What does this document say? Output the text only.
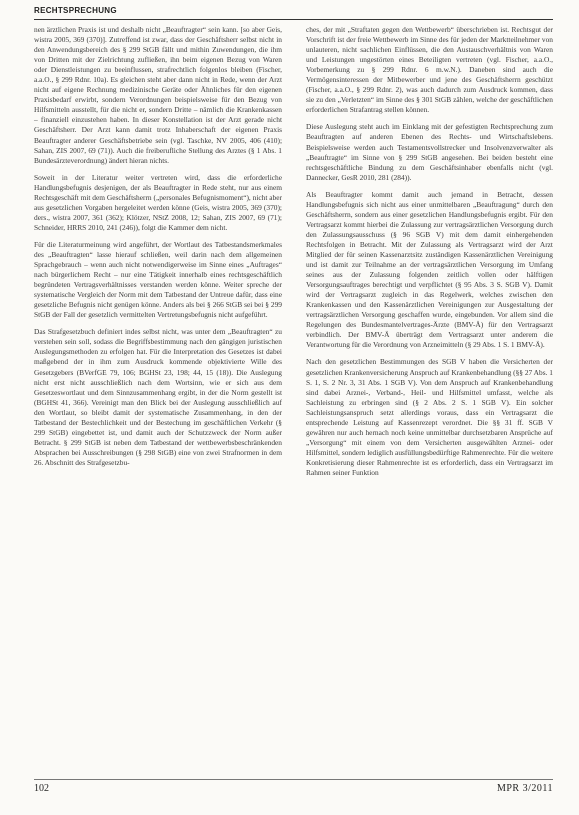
RECHTSPRECHUNG

nen ärztlichen Praxis ist und deshalb nicht „Beauftragter“ sein kann. [so aber Geis, wistra 2005, 369 (370)]. Zutreffend ist zwar, dass der Geschäftsherr selbst nicht in den Anwendungsbereich des § 299 StGB fällt und mithin Zuwendungen, die ihm von Dritten mit der Zielrichtung zufließen, ihn beim eigenen Bezug von Waren oder Dienstleistungen zu beeinflussen, strafrechtlich folgenlos bleiben (Fischer, a.a.O., § 299 Rdnr. 10a). Es gleichen steht aber dann nicht in Rede, wenn der Arzt nicht auf eigene Rechnung medizinische Geräte oder Ähnliches für den eigenen Praxisbedarf erwirbt, sondern Verordnungen beispielsweise für den Bezug von Hilfsmitteln ausstellt, für die nicht er, sondern Dritte – nämlich die Krankenkassen – finanziell einzustehen haben. In dieser Konstellation ist der Arzt gerade nicht Geschäftsherr. Der Arzt kann damit trotz Inhaberschaft der eigenen Praxis Beauftragter anderer Geschäftsbetriebe sein (vgl. Taschke, NV 2005, 406 (410); Sahan, ZIS 2007, 69 (71)). Auch die freiberufliche Stellung des Arztes (§ 1 Abs. 1 Bundesärzteverordnung) ändert hieran nichts.

Soweit in der Literatur weiter vertreten wird, dass die erforderliche Handlungsbefugnis desjenigen, der als Beauftragter in Rede steht, nur aus einem Rechtsgeschäft mit dem Geschäftsherrn („personales Befugnismoment“), nicht aber aus gesetzlichen Vorgaben hergeleitet werden könne (Geis, wistra 2005, 369 (370); ders., wistra 2007, 361 (362); Klötzer, NStZ 2008, 12; Sahan, ZIS 2007, 69 (71); Schneider, HRRS 2010, 241 (246)), folgt die Kammer dem nicht.

Für die Literaturmeinung wird angeführt, der Wortlaut des Tatbestandsmerkmales des „Beauftragten“ lasse hierauf schließen, weil darin nach dem allgemeinen Sprachgebrauch – wenn auch nicht notwendigerweise im Sinne eines „Auftrages“ nach bürgerlichem Recht – nur eine Tätigkeit innerhalb eines rechtsgeschäftlich begründeten Vertragsverhältnisses verstanden werden könne. Weiter spreche der systematische Vergleich der Norm mit dem Tatbestand der Untreue dafür, dass eine gesetzliche Befugnis nicht genügen könne. Anders als bei § 266 StGB sei bei § 299 StGB der Fall der gesetzlich vermittelten Vertretungsbefugnis nicht aufgeführt.

Das Strafgesetzbuch definiert indes selbst nicht, was unter dem „Beauftragten“ zu verstehen sein soll, sodass die Begriffsbestimmung nach den gängigen juristischen Auslegungsmethoden zu erfolgen hat. Für die Interpretation des Gesetzes ist dabei maßgebend der in ihm zum Ausdruck kommende objektivierte Wille des Gesetzgebers (BVerfGE 79, 106; BGHSt 23, 198; 44, 15 (18)). Die Auslegung nicht erst nicht ausschließlich nach dem Wortsinn, wie er sich aus dem Gesetzeswortlaut und dem Sinnzusammenhang ergibt, in der die Norm gestellt ist (BGHSt 41, 366). Vereinigt man den Blick bei der Auslegung ausschließlich auf den Wortlaut, so bleibt damit der systematische Zusammenhang, in den der Tatbestand der Bestechlichkeit und der Bestechung im geschäftlichen Verkehr (§ 299 StGB) eingebettet ist, und damit auch der Schutzzweck der Norm außer Betracht. § 299 StGB ist neben dem Tatbestand der wettbewerbsbeschränkenden Absprachen bei Ausschreibungen (§ 298 StGB) eine von zwei Strafnormen in dem 26. Abschnitt des Strafgesetzbu-

ches, der mit „Straftaten gegen den Wettbewerb“ überschrieben ist. Rechtsgut der Vorschrift ist der freie Wettbewerb im Sinne des für jeden der Marktteilnehmer von unlauteren, nicht sachlichen Einflüssen, die den Austauschverhältnis von Waren und Leistungen ungestörten eines Beteiligten vertreten (vgl. Fischer, a.a.O., Vorbemerkung zu § 299 Rdnr. 6 m.w.N.). Daneben sind auch die Vermögensinteressen der Mitbewerber und jene des Geschäftsherrn geschützt (Fischer, a.a.O., § 299 Rdnr. 2), was auch dadurch zum Ausdruck kommen, dass sie zu den „Verletzten“ im Sinne des § 301 StGB zählen, welche der geschäftlichen erforderlichen Strafantrag stellen können.

Diese Auslegung steht auch im Einklang mit der gefestigten Rechtsprechung zum Beauftragten auf anderen Ebenen des Rechts- und Wirtschaftslebens. Beispielsweise werden auch Testamentsvollstrecker und Insolvenzverwalter als „Beauftragte“ im Sinne von § 299 StGB angesehen. Bei beiden besteht eine rechtsgeschäftliche Bindung zu dem Geschäftsinhaber ebenfalls nicht (vgl. Dannecker, GesR 2010, 281 (284)).

Als Beauftragter kommt damit auch jemand in Betracht, dessen Handlungsbefugnis sich nicht aus einer unmittelbaren „Beauftragung“ durch den Geschäftsherrn, sondern aus einer gesetzlichen Handlungsbefugnis ergibt. Für den Vertragsarzt kommt hierbei die Zulassung zur vertragsärztlichen Versorgung durch den Zulassungsausschuss (§ 96 SGB V) mit dem damit einhergehenden Rechtsfolgen in Betracht. Mit der Zulassung als Vertragsarzt wird der Arzt Mitglied der für seinen Kassenarztsitz zuständigen Kassenärztlichen Vereinigung und ist damit zur Teilnahme an der vertragsärztlichen Versorgung im Umfang seines aus der Zulassung folgenden zeitlich vollen oder hälftigen Versorgungsauftrages berechtigt und verpflichtet (§ 95 Abs. 3 S. SGB V). Damit wird der Vertragsarzt zugleich in das Regelwerk, welches zwischen den Krankenkassen und den Kassenärztlichen Vereinigungen zur Ausgestaltung der vertragsärztlichen Versorgung geschaffen wurde, eingebunden. Vor allem sind die Regelungen des Bundesmantelvertrages-Ärzte (BMV-Ä) für den Vertragsarzt verbindlich. Der BMV-Ä überträgt dem Vertragsarzt unter anderem die Verantwortung für die Verordnung von Arzneimitteln (§ 29 Abs. 1 S. 1 BMV-Ä).

Nach den gesetzlichen Bestimmungen des SGB V haben die Versicherten der gesetzlichen Krankenversicherung Anspruch auf Krankenbehandlung (§§ 27 Abs. 1 S. 1, S. 2 Nr. 3, 31 Abs. 1 SGB V). Von dem Anspruch auf Krankenbehandlung sind dabei Arznei-, Verband-, Heil- und Hilfsmittel umfasst, welche als Sachleistung zu erbringen sind (§ 2 Abs. 2 S. 1 SGB V). Ein solcher Sachleistungsanspruch setzt allerdings voraus, dass ein Vertragsarzt die entsprechende Leistung auf Kassenrezept verordnet. Die §§ 31 ff. SGB V gewähren nur auch hernach noch keine unmittelbar durchsetzbaren Ansprüche auf „Versorgung“ mit einem von dem Versicherten ausgewählten Arznei- oder Hilfsmittel, sondern lediglich ausfüllungsbedürftige Rahmenrechte. Für die weitere Konkretisierung dieser Rahmenrechte ist es erforderlich, dass ein Vertragsarzt im Rahmen seiner Funktion

102	MPR 3/2011
